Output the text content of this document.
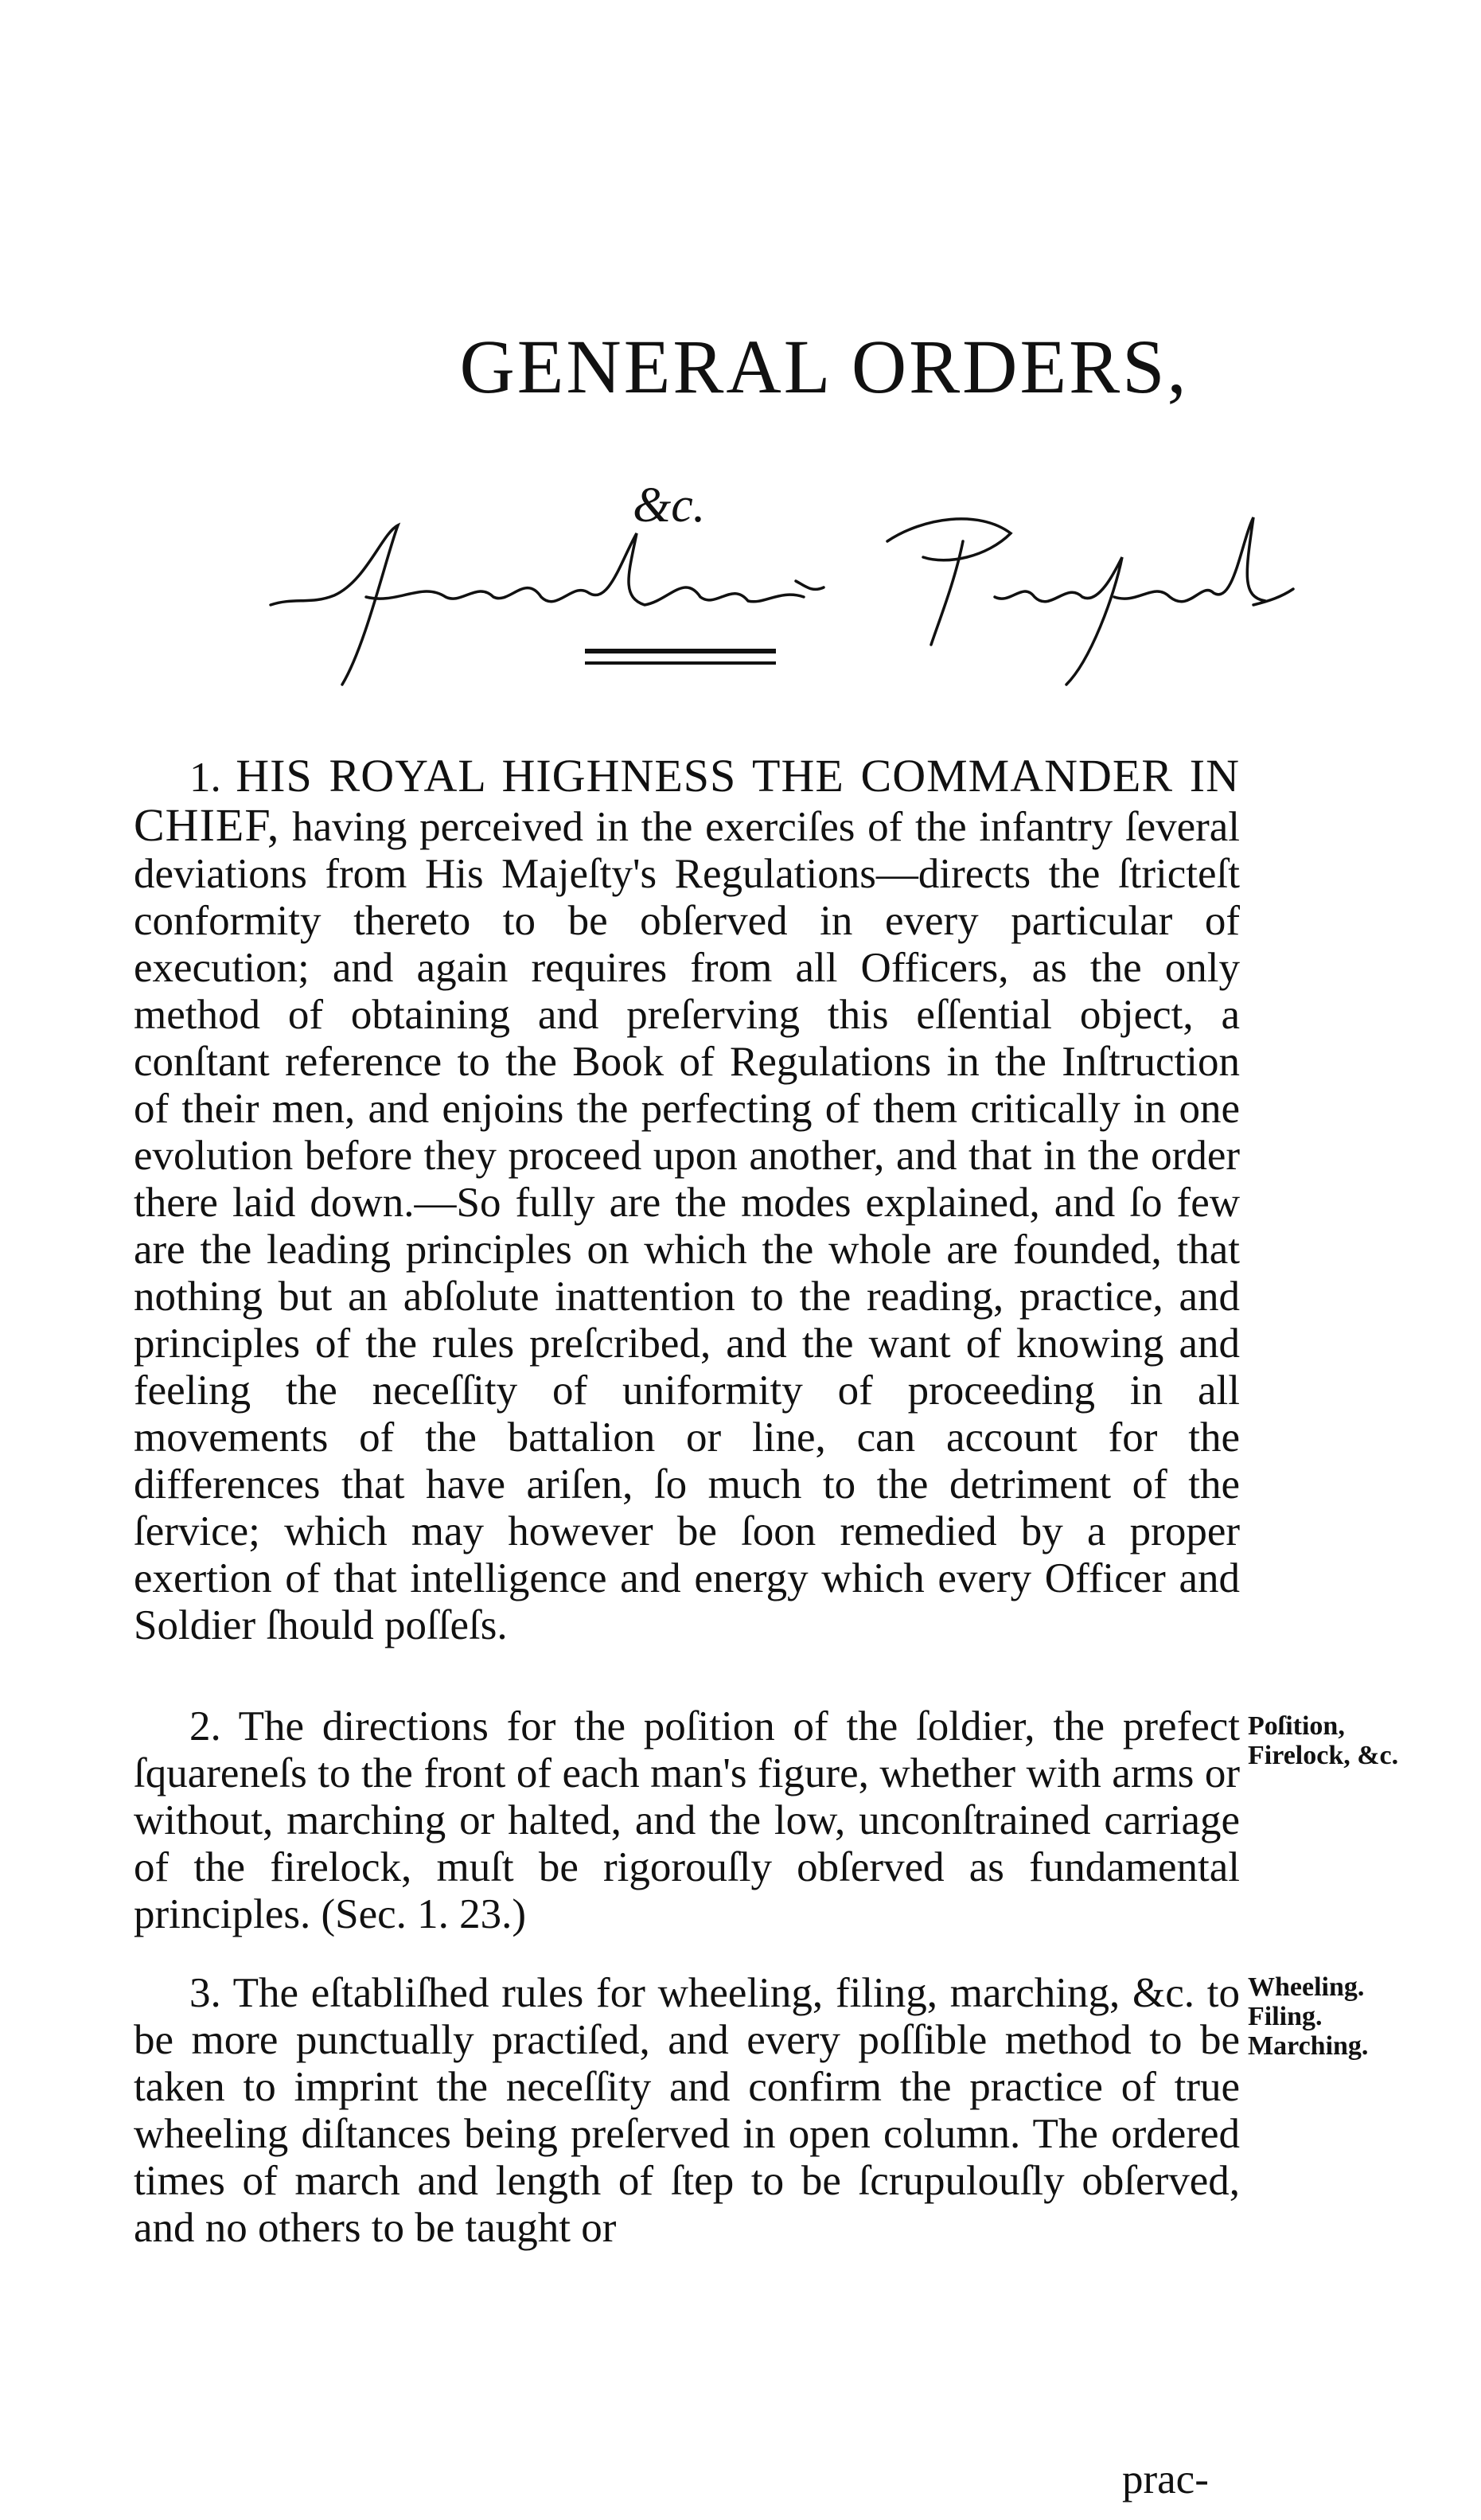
GENERAL ORDERS,
&c.
1. HIS ROYAL HIGHNESS THE COMMANDER IN CHIEF, having perceived in the exerciſes of the infantry ſeveral deviations from His Majeſty's Regulations—directs the ſtricteſt conformity thereto to be obſerved in every particular of execution; and again requires from all Officers, as the only method of obtaining and preſerving this eſſential object, a conſtant reference to the Book of Regulations in the Inſtruction of their men, and enjoins the perfecting of them critically in one evolution before they proceed upon another, and that in the order there laid down.—So fully are the modes explained, and ſo few are the leading principles on which the whole are founded, that nothing but an abſolute inattention to the reading, practice, and principles of the rules preſcribed, and the want of knowing and feeling the neceſſity of uniformity of proceeding in all movements of the battalion or line, can account for the differences that have ariſen, ſo much to the detriment of the ſervice; which may however be ſoon remedied by a proper exertion of that intelligence and energy which every Officer and Soldier ſhould poſſeſs.
2. The directions for the poſition of the ſoldier, the prefect ſquareneſs to the front of each man's figure, whether with arms or without, marching or halted, and the low, unconſtrained carriage of the firelock, muſt be rigorouſly obſerved as fundamental principles. (Sec. 1. 23.)
Poſition, Firelock, &c.
3. The eſtabliſhed rules for wheeling, filing, marching, &c. to be more punctually practiſed, and every poſſible method to be taken to imprint the neceſſity and confirm the practice of true wheeling diſtances being preſerved in open column. The ordered times of march and length of ſtep to be ſcrupulouſly obſerved, and no others to be taught or
Wheeling. Filing. Marching.
prac-
